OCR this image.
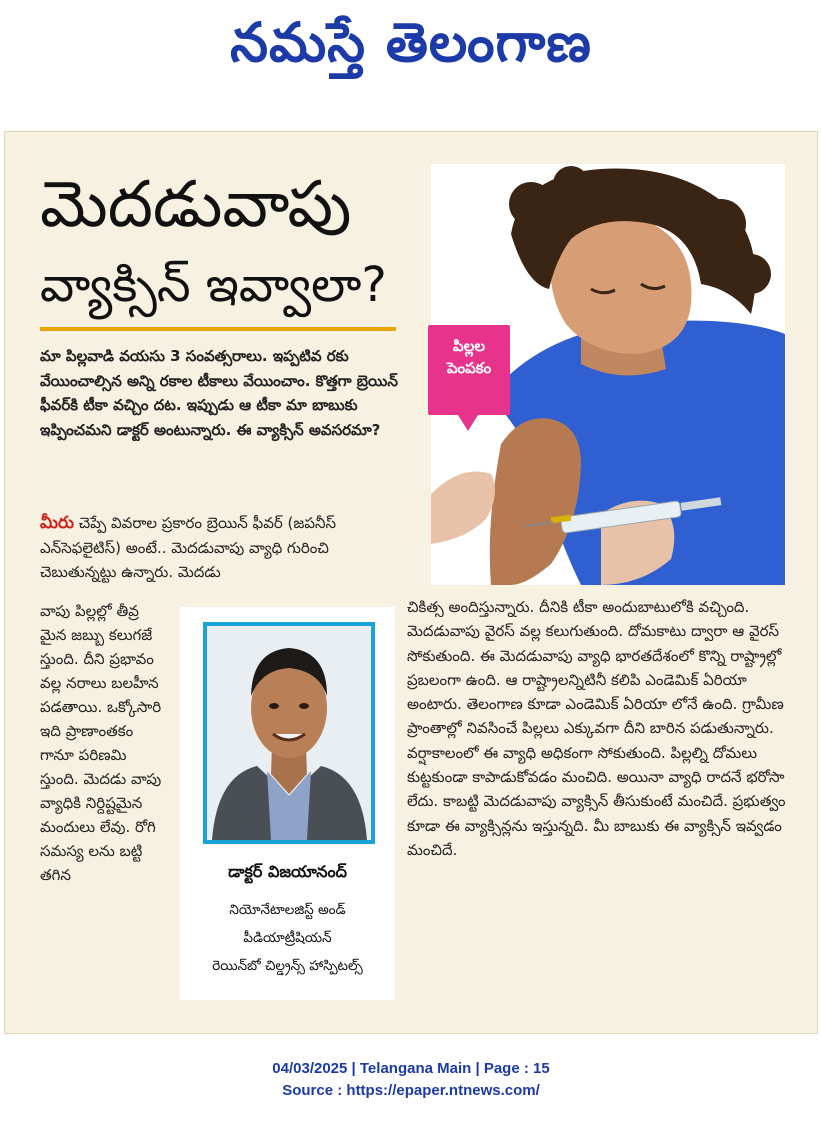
నమస్తే తెలంగాణ
మెదడువాపు
వ్యాక్సిన్ ఇవ్వాలా?
మా పిల్లవాడి వయసు 3 సంవత్సరాలు. ఇప్పటివ రకు వేయించాల్సిన అన్ని రకాల టీకాలు వేయించాం. కొత్తగా బ్రెయిన్ ఫీవర్‌కి టీకా వచ్చిం దట. ఇప్పుడు ఆ టీకా మా బాబుకు ఇప్పించమని డాక్టర్ అంటున్నారు. ఈ వ్యాక్సిన్ అవసరమా?
మీరు చెప్పే వివరాల ప్రకారం బ్రెయిన్ ఫీవర్ (జపనీస్ ఎన్‌సెఫలైటిస్) అంటే.. మెదడువాపు వ్యాధి గురించి చెబుతున్నట్టు ఉన్నారు. మెదడు
వాపు పిల్లల్లో తీవ్ర మైన జబ్బు కలుగజే స్తుంది. దీని ప్రభావం వల్ల నరాలు బలహీన పడతాయి. ఒక్కోసారి ఇది ప్రాణాంతకం గానూ పరిణమి స్తుంది. మెదడు వాపు వ్యాధికి నిర్దిష్టమైన మందులు లేవు. రోగి సమస్య లను బట్టి తగిన
చికిత్స అందిస్తున్నారు. దీనికి టీకా అందుబాటులోకి వచ్చింది. మెదడువాపు వైరస్ వల్ల కలుగుతుంది. దోమకాటు ద్వారా ఆ వైరస్ సోకుతుంది. ఈ మెదడువాపు వ్యాధి భారతదేశంలో కొన్ని రాష్ట్రాల్లో ప్రబలంగా ఉంది. ఆ రాష్ట్రాలన్నిటినీ కలిపి ఎండెమిక్ ఏరియా అంటారు. తెలంగాణ కూడా ఎండెమిక్ ఏరియా లోనే ఉంది. గ్రామీణ ప్రాంతాల్లో నివసించే పిల్లలు ఎక్కువగా దీని బారిన పడుతున్నారు. వర్షాకాలంలో ఈ వ్యాధి అధికంగా సోకుతుంది. పిల్లల్ని దోమలు కుట్టకుండా కాపాడుకోవడం మంచిది. అయినా వ్యాధి రాదనే భరోసా లేదు. కాబట్టి మెదడువాపు వ్యాక్సిన్ తీసుకుంటే మంచిదే. ప్రభుత్వం కూడా ఈ వ్యాక్సిన్లను ఇస్తున్నది. మీ బాబుకు ఈ వ్యాక్సిన్ ఇవ్వడం మంచిదే.
పిల్లల
పెంపకం
డాక్టర్ విజయానంద్
నియోనేటాలజిస్ట్ అండ్
పీడియాట్రీషియన్
రెయిన్‌బో చిల్డ్రన్స్ హాస్పిటల్స్
04/03/2025 | Telangana Main | Page : 15
Source : https://epaper.ntnews.com/
